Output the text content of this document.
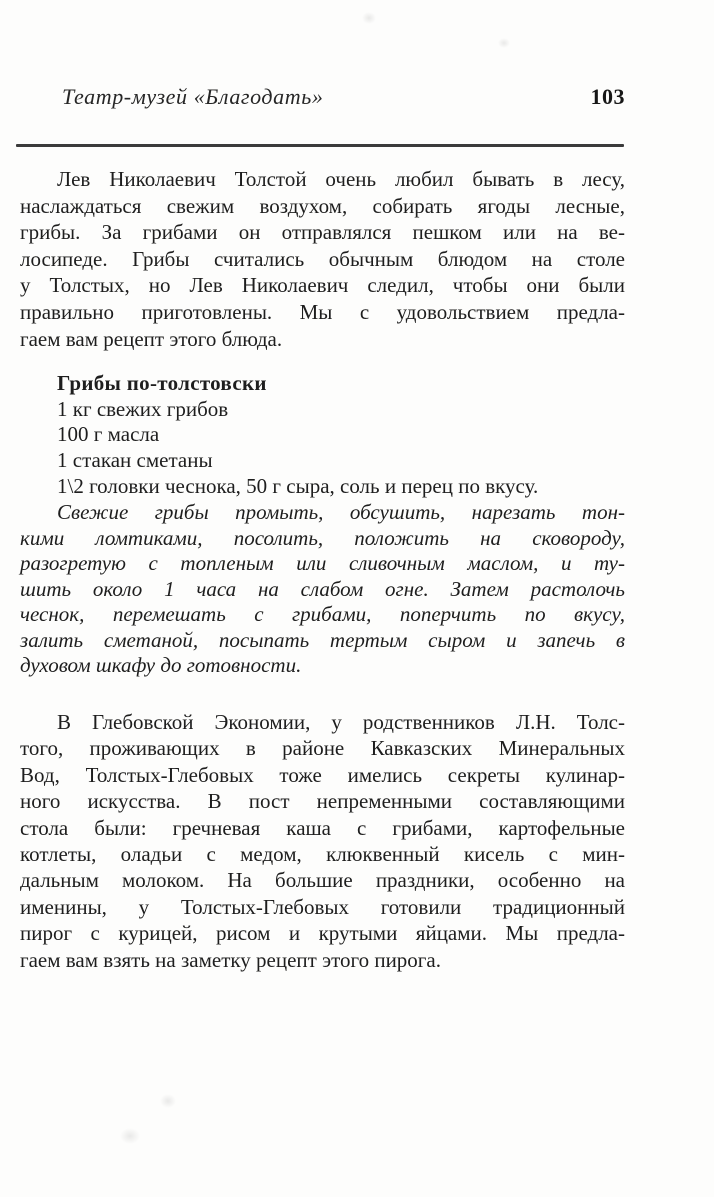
Театр-музей «Благодать»	103
Лев Николаевич Толстой очень любил бывать в лесу,
наслаждаться свежим воздухом, собирать ягоды лесные,
грибы. За грибами он отправлялся пешком или на ве-
лосипеде. Грибы считались обычным блюдом на столе
у Толстых, но Лев Николаевич следил, чтобы они были
правильно приготовлены. Мы с удовольствием предла-
гаем вам рецепт этого блюда.
Грибы по-толстовски
1 кг свежих грибов
100 г масла
1 стакан сметаны
1\2 головки чеснока, 50 г сыра, соль и перец по вкусу.
Свежие грибы промыть, обсушить, нарезать тон-
кими ломтиками, посолить, положить на сковороду,
разогретую с топленым или сливочным маслом, и ту-
шить около 1 часа на слабом огне. Затем растолочь
чеснок, перемешать с грибами, поперчить по вкусу,
залить сметаной, посыпать тертым сыром и запечь в
духовом шкафу до готовности.
В Глебовской Экономии, у родственников Л.Н. Толс-
того, проживающих в районе Кавказских Минеральных
Вод, Толстых-Глебовых тоже имелись секреты кулинар-
ного искусства. В пост непременными составляющими
стола были: гречневая каша с грибами, картофельные
котлеты, оладьи с медом, клюквенный кисель с мин-
дальным молоком. На большие праздники, особенно на
именины, у Толстых-Глебовых готовили традиционный
пирог с курицей, рисом и крутыми яйцами. Мы предла-
гаем вам взять на заметку рецепт этого пирога.
